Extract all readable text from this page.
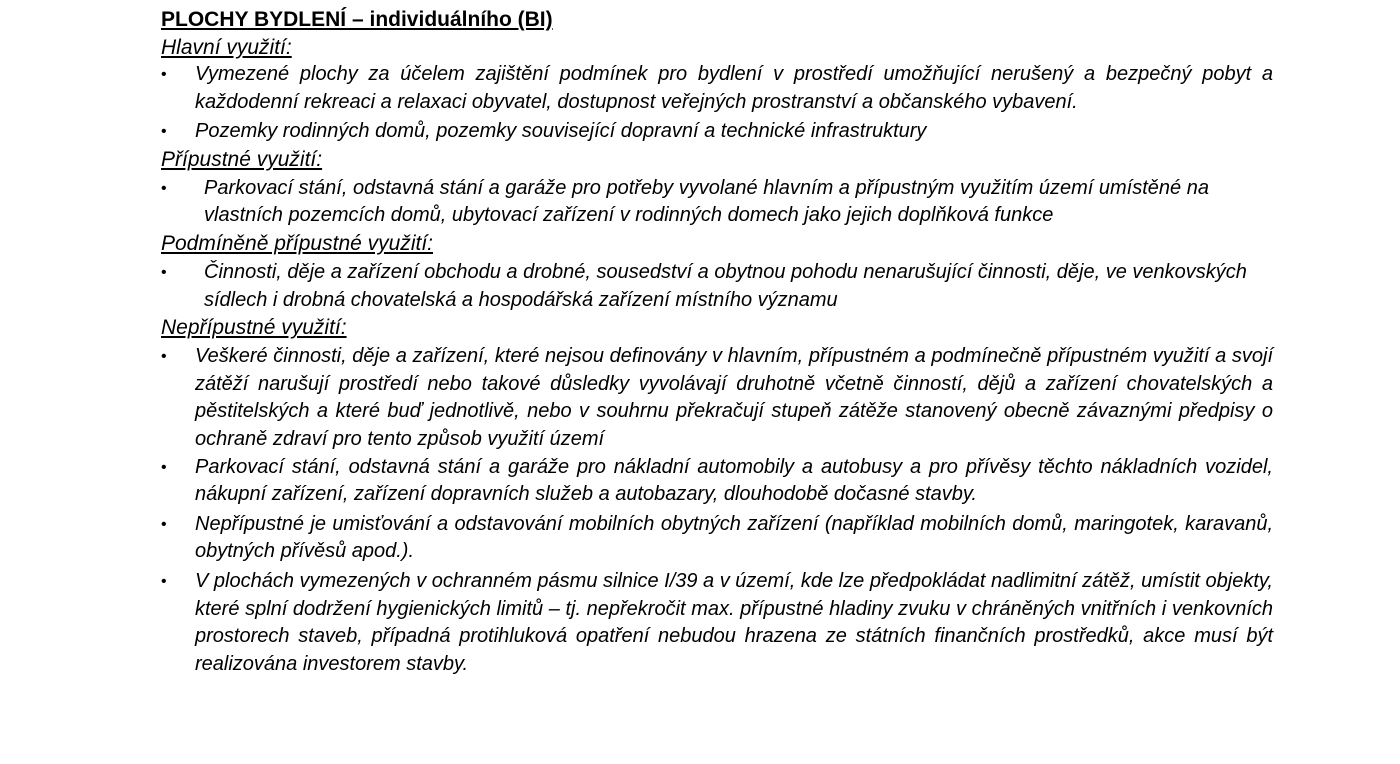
PLOCHY BYDLENÍ – individuálního (BI)
Hlavní využití:
• Vymezené plochy za účelem zajištění podmínek pro bydlení v prostředí umožňující nerušený a bezpečný pobyt a každodenní rekreaci a relaxaci obyvatel, dostupnost veřejných prostranství a občanského vybavení.
• Pozemky rodinných domů, pozemky související dopravní a technické infrastruktury
Přípustné využití:
• Parkovací stání, odstavná stání a garáže pro potřeby vyvolané hlavním a přípustným využitím území umístěné na vlastních pozemcích domů, ubytovací zařízení v rodinných domech jako jejich doplňková funkce
Podmíněně přípustné využití:
• Činnosti, děje a zařízení obchodu a drobné, sousedství a obytnou pohodu nenarušující činnosti, děje, ve venkovských sídlech i drobná chovatelská a hospodářská zařízení místního významu
Nepřípustné využití:
• Veškeré činnosti, děje a zařízení, které nejsou definovány v hlavním, přípustném a podmínečně přípustném využití a svojí zátěží narušují prostředí nebo takové důsledky vyvolávají druhotně včetně činností, dějů a zařízení chovatelských a pěstitelských a které buď jednotlivě, nebo v souhrnu překračují stupeň zátěže stanovený obecně závaznými předpisy o ochraně zdraví pro tento způsob využití území
• Parkovací stání, odstavná stání a garáže pro nákladní automobily a autobusy a pro přívěsy těchto nákladních vozidel, nákupní zařízení, zařízení dopravních služeb a autobazary, dlouhodobě dočasné stavby.
• Nepřípustné je umisťování a odstavování mobilních obytných zařízení (například mobilních domů, maringotek, karavanů, obytných přívěsů apod.).
• V plochách vymezených v ochranném pásmu silnice I/39 a v území, kde lze předpokládat nadlimitní zátěž, umístit objekty, které splní dodržení hygienických limitů – tj. nepřekročit max. přípustné hladiny zvuku v chráněných vnitřních i venkovních prostorech staveb, případná protihluková opatření nebudou hrazena ze státních finančních prostředků, akce musí být realizována investorem stavby.
